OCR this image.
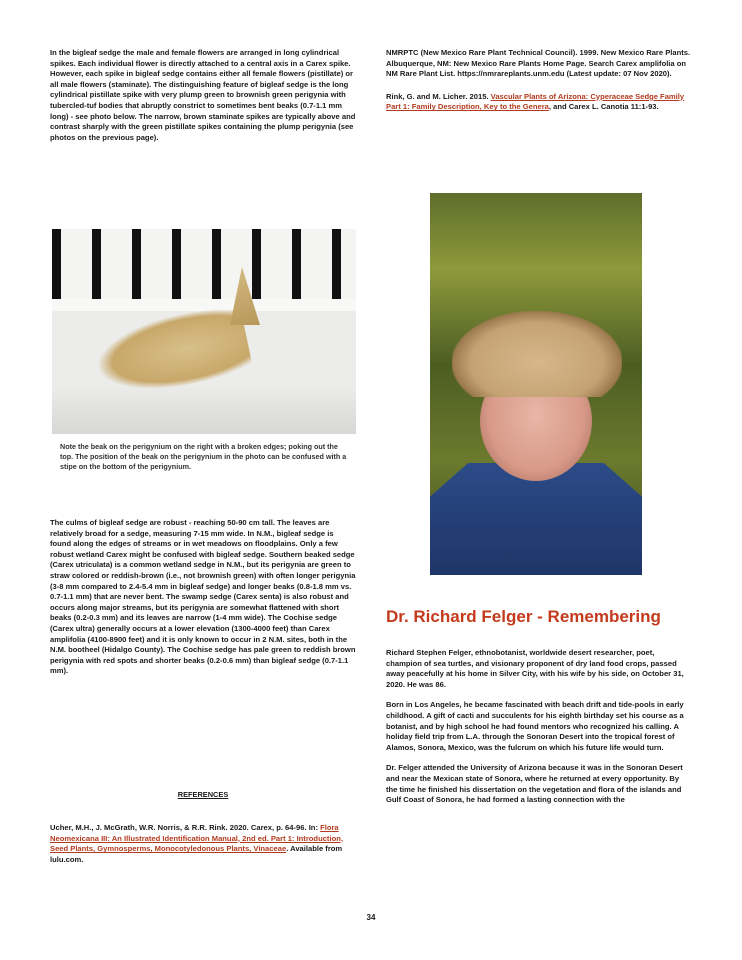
In the bigleaf sedge the male and female flowers are arranged in long cylindrical spikes. Each individual flower is directly attached to a central axis in a Carex spike. However, each spike in bigleaf sedge contains either all female flowers (pistillate) or all male flowers (staminate). The distinguishing feature of bigleaf sedge is the long cylindrical pistillate spike with very plump green to brownish green perigynia with tubercled-tuf bodies that abruptly constrict to sometimes bent beaks (0.7-1.1 mm long) - see photo below. The narrow, brown staminate spikes are typically above and contrast sharply with the green pistillate spikes containing the plump perigynia (see photos on the previous page).

Note the beak on the perigynium on the right with a broken edges; poking out the top. The position of the beak on the perigynium in the photo can be confused with a stipe on the bottom of the perigynium.

The culms of bigleaf sedge are robust - reaching 50-90 cm tall. The leaves are relatively broad for a sedge, measuring 7-15 mm wide. In N.M., bigleaf sedge is found along the edges of streams or in wet meadows on floodplains. Only a few robust wetland Carex might be confused with bigleaf sedge. Southern beaked sedge (Carex utriculata) is a common wetland sedge in N.M., but its perigynia are green to straw colored or reddish-brown (i.e., not brownish green) with often longer perigynia (3-8 mm compared to 2.4-5.4 mm in bigleaf sedge) and longer beaks (0.8-1.8 mm vs. 0.7-1.1 mm) that are never bent. The swamp sedge (Carex senta) is also robust and occurs along major streams, but its perigynia are somewhat flattened with short beaks (0.2-0.3 mm) and its leaves are narrow (1-4 mm wide). The Cochise sedge (Carex ultra) generally occurs at a lower elevation (1300-4000 feet) than Carex amplifolia (4100-8900 feet) and it is only known to occur in 2 N.M. sites, both in the N.M. bootheel (Hidalgo County). The Cochise sedge has pale green to reddish brown perigynia with red spots and shorter beaks (0.2-0.6 mm) than bigleaf sedge (0.7-1.1 mm).

REFERENCES
Ucher, M.H., J. McGrath, W.R. Norris, & R.R. Rink. 2020. Carex, p. 64-96. In: Flora Neomexicana III: An Illustrated Identification Manual, 2nd ed. Part 1: Introduction, Seed Plants, Gymnosperms, Monocotyledonous Plants, Vinaceae. Available from lulu.com.

NMRPTC (New Mexico Rare Plant Technical Council). 1999. New Mexico Rare Plants. Albuquerque, NM: New Mexico Rare Plants Home Page. Search Carex amplifolia on NM Rare Plant List. https://nmrareplants.unm.edu (Latest update: 07 Nov 2020).

Rink, G. and M. Licher. 2015. Vascular Plants of Arizona: Cyperaceae Sedge Family Part 1: Family Description, Key to the Genera, and Carex L. Canotia 11:1-93.

Dr. Richard Felger - Remembering

Richard Stephen Felger, ethnobotanist, worldwide desert researcher, poet, champion of sea turtles, and visionary proponent of dry land food crops, passed away peacefully at his home in Silver City, with his wife by his side, on October 31, 2020. He was 86.

Born in Los Angeles, he became fascinated with beach drift and tide-pools in early childhood. A gift of cacti and succulents for his eighth birthday set his course as a botanist, and by high school he had found mentors who recognized his calling. A holiday field trip from L.A. through the Sonoran Desert into the tropical forest of Alamos, Sonora, Mexico, was the fulcrum on which his future life would turn.

Dr. Felger attended the University of Arizona because it was in the Sonoran Desert and near the Mexican state of Sonora, where he returned at every opportunity. By the time he finished his dissertation on the vegetation and flora of the islands and Gulf Coast of Sonora, he had formed a lasting connection with the

34
